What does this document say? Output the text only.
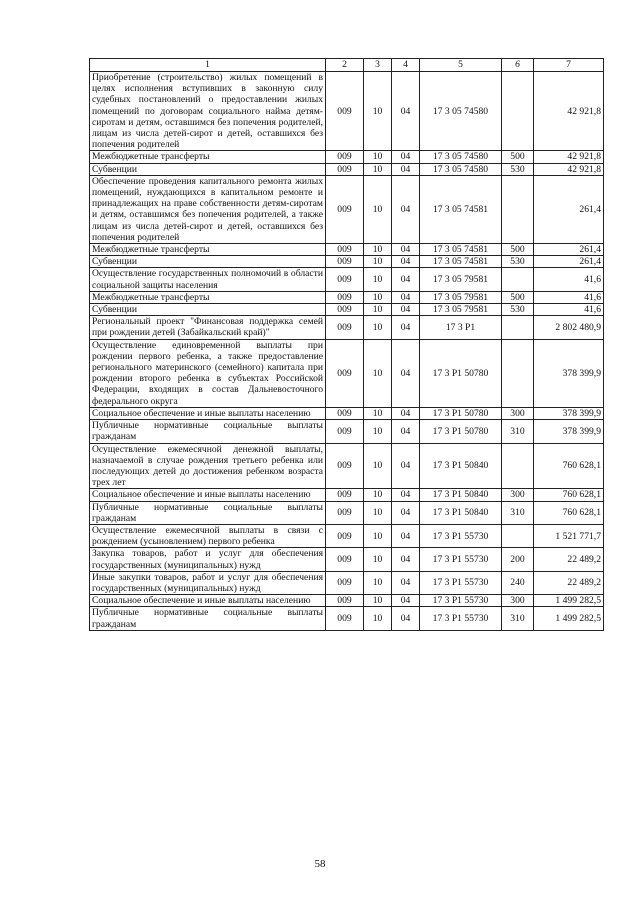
1	2	3	4	5	6	7
Приобретение (строительство) жилых помещений в целях исполнения вступивших в законную силу судебных постановлений о предоставлении жилых помещений по договорам социального найма детям-сиротам и детям, оставшимся без попечения родителей, лицам из числа детей-сирот и детей, оставшихся без попечения родителей	009	10	04	17 3 05 74580		42 921,8
Межбюджетные трансферты	009	10	04	17 3 05 74580	500	42 921,8
Субвенции	009	10	04	17 3 05 74580	530	42 921,8
Обеспечение проведения капитального ремонта жилых помещений, нуждающихся в капитальном ремонте и принадлежащих на праве собственности детям-сиротам и детям, оставшимся без попечения родителей, а также лицам из числа детей-сирот и детей, оставшихся без попечения родителей	009	10	04	17 3 05 74581		261,4
Межбюджетные трансферты	009	10	04	17 3 05 74581	500	261,4
Субвенции	009	10	04	17 3 05 74581	530	261,4
Осуществление государственных полномочий в области социальной защиты населения	009	10	04	17 3 05 79581		41,6
Межбюджетные трансферты	009	10	04	17 3 05 79581	500	41,6
Субвенции	009	10	04	17 3 05 79581	530	41,6
Региональный проект "Финансовая поддержка семей при рождении детей (Забайкальский край)"	009	10	04	17 3 P1		2 802 480,9
Осуществление единовременной выплаты при рождении первого ребенка, а также предоставление регионального материнского (семейного) капитала при рождении второго ребенка в субъектах Российской Федерации, входящих в состав Дальневосточного федерального округа	009	10	04	17 3 P1 50780		378 399,9
Социальное обеспечение и иные выплаты населению	009	10	04	17 3 P1 50780	300	378 399,9
Публичные нормативные социальные выплаты гражданам	009	10	04	17 3 P1 50780	310	378 399,9
Осуществление ежемесячной денежной выплаты, назначаемой в случае рождения третьего ребенка или последующих детей до достижения ребенком возраста трех лет	009	10	04	17 3 P1 50840		760 628,1
Социальное обеспечение и иные выплаты населению	009	10	04	17 3 P1 50840	300	760 628,1
Публичные нормативные социальные выплаты гражданам	009	10	04	17 3 P1 50840	310	760 628,1
Осуществление ежемесячной выплаты в связи с рождением (усыновлением) первого ребенка	009	10	04	17 3 P1 55730		1 521 771,7
Закупка товаров, работ и услуг для обеспечения государственных (муниципальных) нужд	009	10	04	17 3 P1 55730	200	22 489,2
Иные закупки товаров, работ и услуг для обеспечения государственных (муниципальных) нужд	009	10	04	17 3 P1 55730	240	22 489,2
Социальное обеспечение и иные выплаты населению	009	10	04	17 3 P1 55730	300	1 499 282,5
Публичные нормативные социальные выплаты гражданам	009	10	04	17 3 P1 55730	310	1 499 282,5
58
